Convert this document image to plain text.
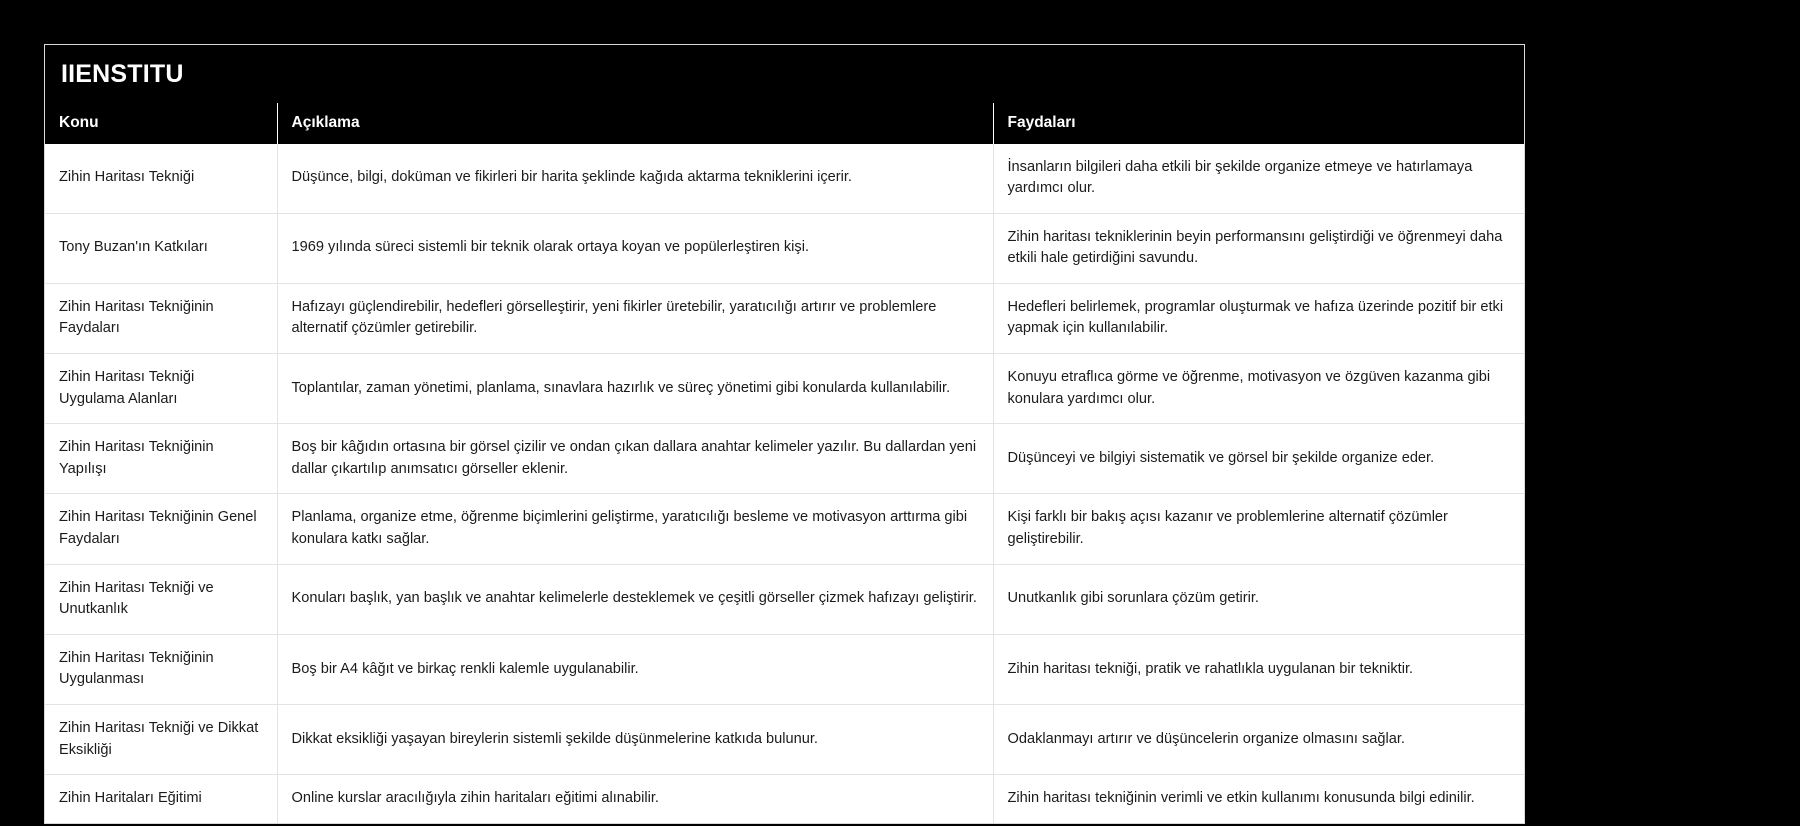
IIENSTITU
Konu	Açıklama	Faydaları
Zihin Haritası Tekniği	Düşünce, bilgi, doküman ve fikirleri bir harita şeklinde kağıda aktarma tekniklerini içerir.	İnsanların bilgileri daha etkili bir şekilde organize etmeye ve hatırlamaya yardımcı olur.
Tony Buzan'ın Katkıları	1969 yılında süreci sistemli bir teknik olarak ortaya koyan ve popülerleştiren kişi.	Zihin haritası tekniklerinin beyin performansını geliştirdiği ve öğrenmeyi daha etkili hale getirdiğini savundu.
Zihin Haritası Tekniğinin Faydaları	Hafızayı güçlendirebilir, hedefleri görselleştirir, yeni fikirler üretebilir, yaratıcılığı artırır ve problemlere alternatif çözümler getirebilir.	Hedefleri belirlemek, programlar oluşturmak ve hafıza üzerinde pozitif bir etki yapmak için kullanılabilir.
Zihin Haritası Tekniği Uygulama Alanları	Toplantılar, zaman yönetimi, planlama, sınavlara hazırlık ve süreç yönetimi gibi konularda kullanılabilir.	Konuyu etraflıca görme ve öğrenme, motivasyon ve özgüven kazanma gibi konulara yardımcı olur.
Zihin Haritası Tekniğinin Yapılışı	Boş bir kâğıdın ortasına bir görsel çizilir ve ondan çıkan dallara anahtar kelimeler yazılır. Bu dallardan yeni dallar çıkartılıp anımsatıcı görseller eklenir.	Düşünceyi ve bilgiyi sistematik ve görsel bir şekilde organize eder.
Zihin Haritası Tekniğinin Genel Faydaları	Planlama, organize etme, öğrenme biçimlerini geliştirme, yaratıcılığı besleme ve motivasyon arttırma gibi konulara katkı sağlar.	Kişi farklı bir bakış açısı kazanır ve problemlerine alternatif çözümler geliştirebilir.
Zihin Haritası Tekniği ve Unutkanlık	Konuları başlık, yan başlık ve anahtar kelimelerle desteklemek ve çeşitli görseller çizmek hafızayı geliştirir.	Unutkanlık gibi sorunlara çözüm getirir.
Zihin Haritası Tekniğinin Uygulanması	Boş bir A4 kâğıt ve birkaç renkli kalemle uygulanabilir.	Zihin haritası tekniği, pratik ve rahatlıkla uygulanan bir tekniktir.
Zihin Haritası Tekniği ve Dikkat Eksikliği	Dikkat eksikliği yaşayan bireylerin sistemli şekilde düşünmelerine katkıda bulunur.	Odaklanmayı artırır ve düşüncelerin organize olmasını sağlar.
Zihin Haritaları Eğitimi	Online kurslar aracılığıyla zihin haritaları eğitimi alınabilir.	Zihin haritası tekniğinin verimli ve etkin kullanımı konusunda bilgi edinilir.
